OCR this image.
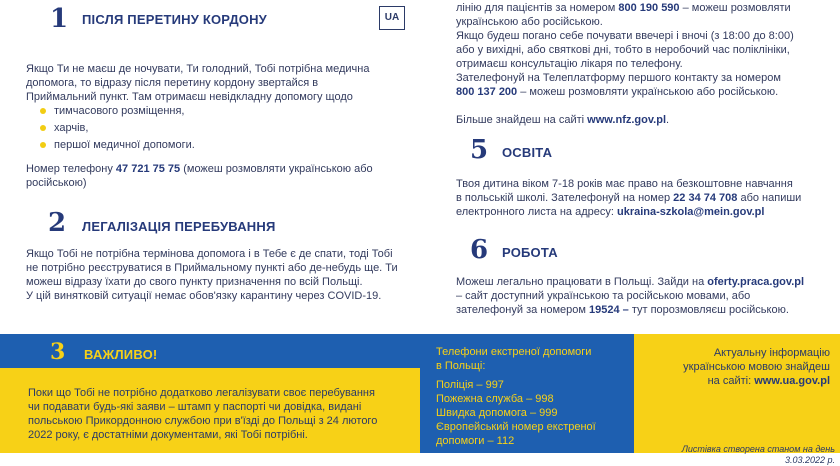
1 ПІСЛЯ ПЕРЕТИНУ КОРДОНУ	UA
Якщо Ти не маєш де ночувати, Ти голодний, Тобі потрібна медична
допомога, то відразу після перетину кордону звертайся в
Приймальний пункт. Там отримаєш невідкладну допомогу щодо
тимчасового розміщення,
харчів,
першої медичної допомоги.
Номер телефону 47 721 75 75 (можеш розмовляти українською або
російською)
2 ЛЕГАЛІЗАЦІЯ ПЕРЕБУВАННЯ
Якщо Тобі не потрібна термінова допомога і в Тебе є де спати, тоді Тобі
не потрібно реєструватися в Приймальному пункті або де-небудь ще. Ти
можеш відразу їхати до свого пункту призначення по всій Польщі.
У цій винятковій ситуації немає обов'язку карантину через COVID-19.
3 ВАЖЛИВО!
Поки що Тобі не потрібно додатково легалізувати своє перебування
чи подавати будь-які заяви – штамп у паспорті чи довідка, видані
польською Прикордонною службою при в'їзді до Польщі з 24 лютого
2022 року, є достатніми документами, які Тобі потрібні.
лінію для пацієнтів за номером 800 190 590 – можеш розмовляти
українською або російською.
Якщо будеш погано себе почувати ввечері і вночі (з 18:00 до 8:00)
або у вихідні, або святкові дні, тобто в неробочий час поліклініки,
отримаєш консультацію лікаря по телефону.
Зателефонуй на Телеплатформу першого контакту за номером
800 137 200 – можеш розмовляти українською або російською.
Більше знайдеш на сайті www.nfz.gov.pl.
5 ОСВІТА
Твоя дитина віком 7-18 років має право на безкоштовне навчання
в польській школі. Зателефонуй на номер 22 34 74 708 або напиши
електронного листа на адресу: ukraina-szkola@mein.gov.pl
6 РОБОТА
Можеш легально працювати в Польщі. Зайди на oferty.praca.gov.pl
– сайт доступний українською та російською мовами, або
зателефонуй за номером 19524 – тут порозмовляєш російською.
Телефони екстреної допомоги
в Польщі:
Поліція – 997
Пожежна служба – 998
Швидка допомога – 999
Європейський номер екстреної
допомоги – 112
Актуальну інформацію
українською мовою знайдеш
на сайті: www.ua.gov.pl
Листівка створена станом на день 3.03.2022 р.
